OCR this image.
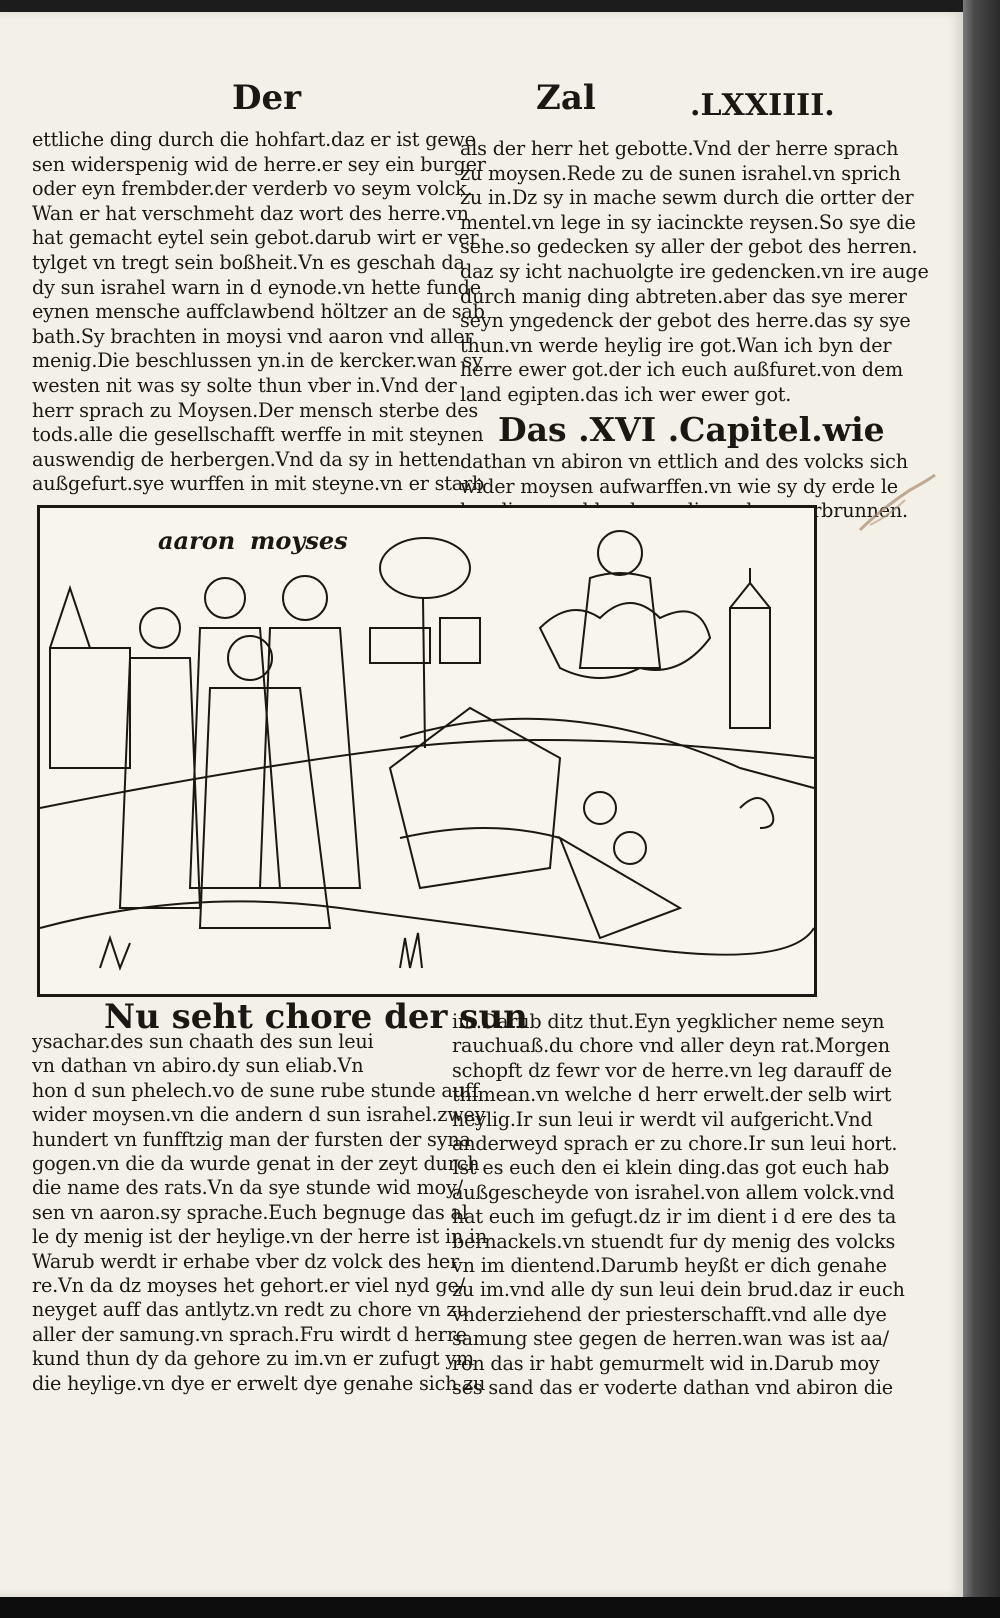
Der	Zal	.LXXIIII.
ettliche ding durch die hohfart.daz er ist gewe
sen widerspenig wid de herre.er sey ein burger
oder eyn frembder.der verderb vo seym volck.
Wan er hat verschmeht daz wort des herre.vn
hat gemacht eytel sein gebot.darub wirt er ver
tylget vn tregt sein boßheit.Vn es geschah da
dy sun israhel warn in d eynode.vn hette funde
eynen mensche auffclawbend höltzer an de sab
bath.Sy brachten in moysi vnd aaron vnd aller
menig.Die beschlussen yn.in de kercker.wan sy
westen nit was sy solte thun vber in.Vnd der
herr sprach zu Moysen.Der mensch sterbe des
tods.alle die gesellschafft werffe in mit steynen
auswendig de herbergen.Vnd da sy in hetten
außgefurt.sye wurffen in mit steyne.vn er starb
als der herr het gebotte.Vnd der herre sprach
zu moysen.Rede zu de sunen israhel.vn sprich
zu in.Dz sy in mache sewm durch die ortter der
mentel.vn lege in sy iacinckte reysen.So sye die
sehe.so gedecken sy aller der gebot des herren.
daz sy icht nachuolgte ire gedencken.vn ire auge
durch manig ding abtreten.aber das sye merer
seyn yngedenck der gebot des herre.das sy sye
thun.vn werde heylig ire got.Wan ich byn der
herre ewer got.der ich euch außfuret.von dem
land egipten.das ich wer ewer got.
Das .XVI .Capitel.wie
dathan vn abiron vn ettlich and des volcks sich
wider moysen aufwarffen.vn wie sy dy erde le
aaron moyses
Nu seht chore der sun
ysachar.des sun chaath des sun leui
vn dathan vn abiro.dy sun eliab.Vn
hon d sun phelech.vo de sune rube stunde auff
wider moysen.vn die andern d sun israhel.zwey
hundert vn funfftzig man der fursten der syna
gogen.vn die da wurde genat in der zeyt durch
die name des rats.Vn da sye stunde wid moy/
sen vn aaron.sy sprache.Euch begnuge das al
le dy menig ist der heylige.vn der herre ist in in
Warub werdt ir erhabe vber dz volck des her
re.Vn da dz moyses het gehort.er viel nyd ge/
neyget auff das antlytz.vn redt zu chore vn zu
aller der samung.vn sprach.Fru wirdt d herre
kund thun dy da gehore zu im.vn er zufugt ym
die heylige.vn dye er erwelt dye genahe sich zu
im.Darub ditz thut.Eyn yegklicher neme seyn
rauchuaß.du chore vnd aller deyn rat.Morgen
schopft dz fewr vor de herre.vn leg darauff de
thimean.vn welche d herr erwelt.der selb wirt
heylig.Ir sun leui ir werdt vil aufgericht.Vnd
anderweyd sprach er zu chore.Ir sun leui hort.
Ist es euch den ei klein ding.das got euch hab
außgescheyde von israhel.von allem volck.vnd
hat euch im gefugt.dz ir im dient i d ere des ta
bernackels.vn stuendt fur dy menig des volcks
vn im dientend.Darumb heyßt er dich genahe
zu im.vnd alle dy sun leui dein brud.daz ir euch
vnderziehend der priesterschafft.vnd alle dye
samung stee gegen de herren.wan was ist aa/
ron das ir habt gemurmelt wid in.Darub moy
ses sand das er voderte dathan vnd abiron die
